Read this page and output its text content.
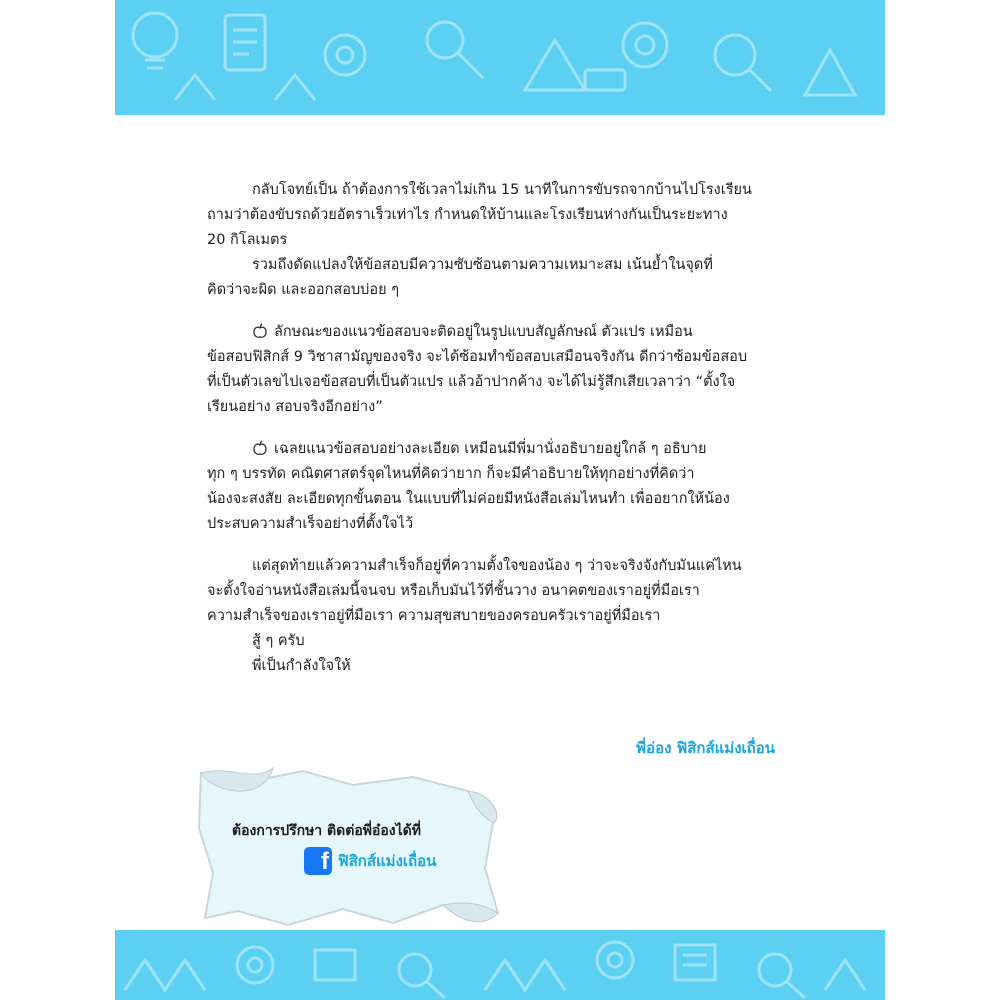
กลับโจทย์เป็น ถ้าต้องการใช้เวลาไม่เกิน 15 นาทีในการขับรถจากบ้านไปโรงเรียน

ถามว่าต้องขับรถด้วยอัตราเร็วเท่าไร กำหนดให้บ้านและโรงเรียนห่างกันเป็นระยะทาง

20 กิโลเมตร

รวมถึงดัดแปลงให้ข้อสอบมีความซับซ้อนตามความเหมาะสม เน้นย้ำในจุดที่

คิดว่าจะผิด และออกสอบบ่อย ๆ

ลักษณะของแนวข้อสอบจะติดอยู่ในรูปแบบสัญลักษณ์ ตัวแปร เหมือน

ข้อสอบฟิสิกส์ 9 วิชาสามัญของจริง จะได้ซ้อมทำข้อสอบเสมือนจริงกัน ดีกว่าซ้อมข้อสอบ

ที่เป็นตัวเลขไปเจอข้อสอบที่เป็นตัวแปร แล้วอ้าปากค้าง จะได้ไม่รู้สึกเสียเวลาว่า “ตั้งใจ

เรียนอย่าง สอบจริงอีกอย่าง”

เฉลยแนวข้อสอบอย่างละเอียด เหมือนมีพี่มานั่งอธิบายอยู่ใกล้ ๆ อธิบาย

ทุก ๆ บรรทัด คณิตศาสตร์จุดไหนที่คิดว่ายาก ก็จะมีคำอธิบายให้ทุกอย่างที่คิดว่า

น้องจะสงสัย ละเอียดทุกขั้นตอน ในแบบที่ไม่ค่อยมีหนังสือเล่มไหนทำ เพื่ออยากให้น้อง

ประสบความสำเร็จอย่างที่ตั้งใจไว้

แต่สุดท้ายแล้วความสำเร็จก็อยู่ที่ความตั้งใจของน้อง ๆ ว่าจะจริงจังกับมันแค่ไหน

จะตั้งใจอ่านหนังสือเล่มนี้จนจบ หรือเก็บมันไว้ที่ชั้นวาง อนาคตของเราอยู่ที่มือเรา

ความสำเร็จของเราอยู่ที่มือเรา ความสุขสบายของครอบครัวเราอยู่ที่มือเรา

สู้ ๆ ครับ

พี่เป็นกำลังใจให้

พี่อ่อง ฟิสิกส์แม่งเถื่อน
ต้องการปรึกษา ติดต่อพี่อ๋องได้ที่
f ฟิสิกส์แม่งเถื่อน
